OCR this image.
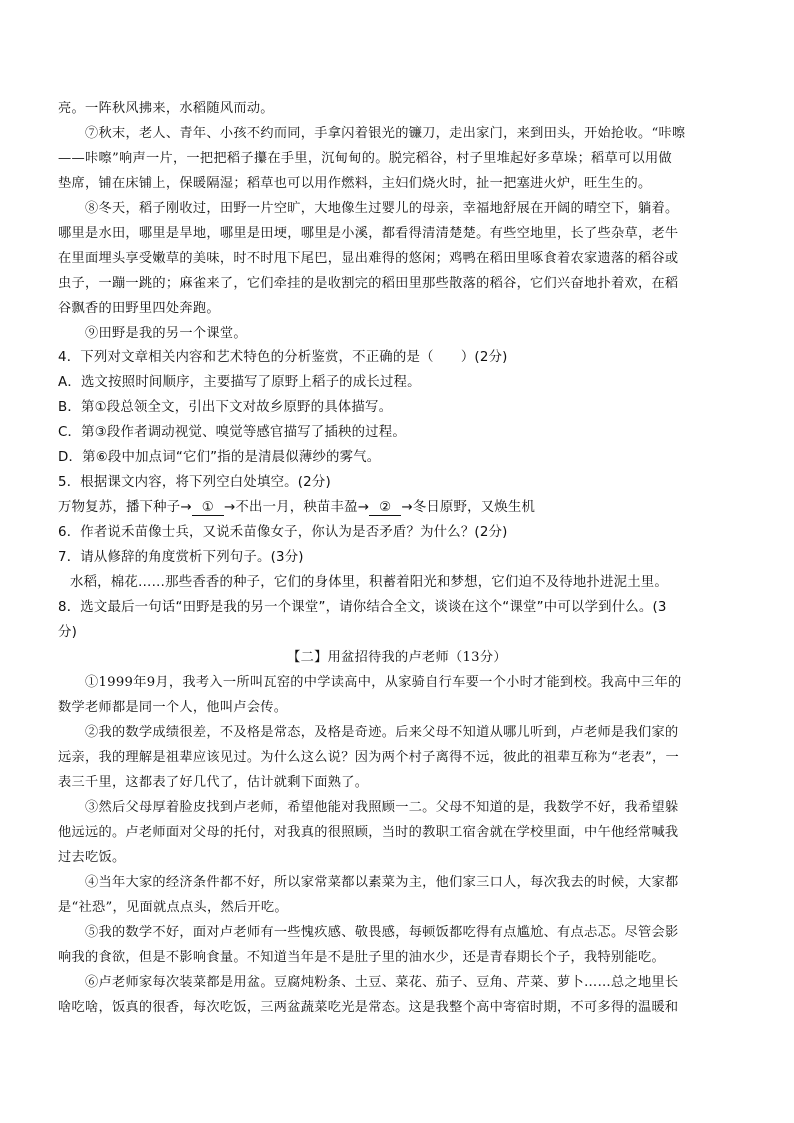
亮。一阵秋风拂来，水稻随风而动。

⑦秋末，老人、青年、小孩不约而同，手拿闪着银光的镰刀，走出家门，来到田头，开始抢收。“咔嚓

——咔嚓”响声一片，一把把稻子攥在手里，沉甸甸的。脱完稻谷，村子里堆起好多草垛；稻草可以用做

垫席，铺在床铺上，保暖隔湿；稻草也可以用作燃料，主妇们烧火时，扯一把塞进火炉，旺生生的。

⑧冬天，稻子刚收过，田野一片空旷，大地像生过婴儿的母亲，幸福地舒展在开阔的晴空下，躺着。

哪里是水田，哪里是旱地，哪里是田埂，哪里是小溪，都看得清清楚楚。有些空地里，长了些杂草，老牛

在里面埋头享受嫩草的美味，时不时甩下尾巴，显出难得的悠闲；鸡鸭在稻田里啄食着农家遗落的稻谷或

虫子，一蹦一跳的；麻雀来了，它们牵挂的是收割完的稻田里那些散落的稻谷，它们兴奋地扑着欢，在稻

谷飘香的田野里四处奔跑。

⑨田野是我的另一个课堂。

4．下列对文章相关内容和艺术特色的分析鉴赏，不正确的是（　　）(2分)

A．选文按照时间顺序，主要描写了原野上稻子的成长过程。

B．第①段总领全文，引出下文对故乡原野的具体描写。

C．第③段作者调动视觉、嗅觉等感官描写了插秧的过程。

D．第⑥段中加点词“它们”指的是清晨似薄纱的雾气。

5．根据课文内容，将下列空白处填空。(2分)

万物复苏，播下种子→ ① →不出一月，秧苗丰盈→ ② →冬日原野，又焕生机

6．作者说禾苗像士兵，又说禾苗像女子，你认为是否矛盾？为什么？(2分)

7．请从修辞的角度赏析下列句子。(3分)

水稻，棉花……那些香香的种子，它们的身体里，积蓄着阳光和梦想，它们迫不及待地扑进泥土里。

8．选文最后一句话“田野是我的另一个课堂”，请你结合全文，谈谈在这个“课堂”中可以学到什么。(3

分)

【二】用盆招待我的卢老师（13分）

①1999年9月，我考入一所叫瓦窑的中学读高中，从家骑自行车要一个小时才能到校。我高中三年的

数学老师都是同一个人，他叫卢会传。

②我的数学成绩很差，不及格是常态，及格是奇迹。后来父母不知道从哪儿听到，卢老师是我们家的

远亲，我的理解是祖辈应该见过。为什么这么说？因为两个村子离得不远，彼此的祖辈互称为“老表”，一

表三千里，这都表了好几代了，估计就剩下面熟了。

③然后父母厚着脸皮找到卢老师，希望他能对我照顾一二。父母不知道的是，我数学不好，我希望躲

他远远的。卢老师面对父母的托付，对我真的很照顾，当时的教职工宿舍就在学校里面，中午他经常喊我

过去吃饭。

④当年大家的经济条件都不好，所以家常菜都以素菜为主，他们家三口人，每次我去的时候，大家都

是“社恐”，见面就点点头，然后开吃。

⑤我的数学不好，面对卢老师有一些愧疚感、敬畏感，每顿饭都吃得有点尴尬、有点忐忑。尽管会影

响我的食欲，但是不影响食量。不知道当年是不是肚子里的油水少，还是青春期长个子，我特别能吃。

⑥卢老师家每次装菜都是用盆。豆腐炖粉条、土豆、菜花、茄子、豆角、芹菜、萝卜……总之地里长

啥吃啥，饭真的很香，每次吃饭，三两盆蔬菜吃光是常态。这是我整个高中寄宿时期，不可多得的温暖和
